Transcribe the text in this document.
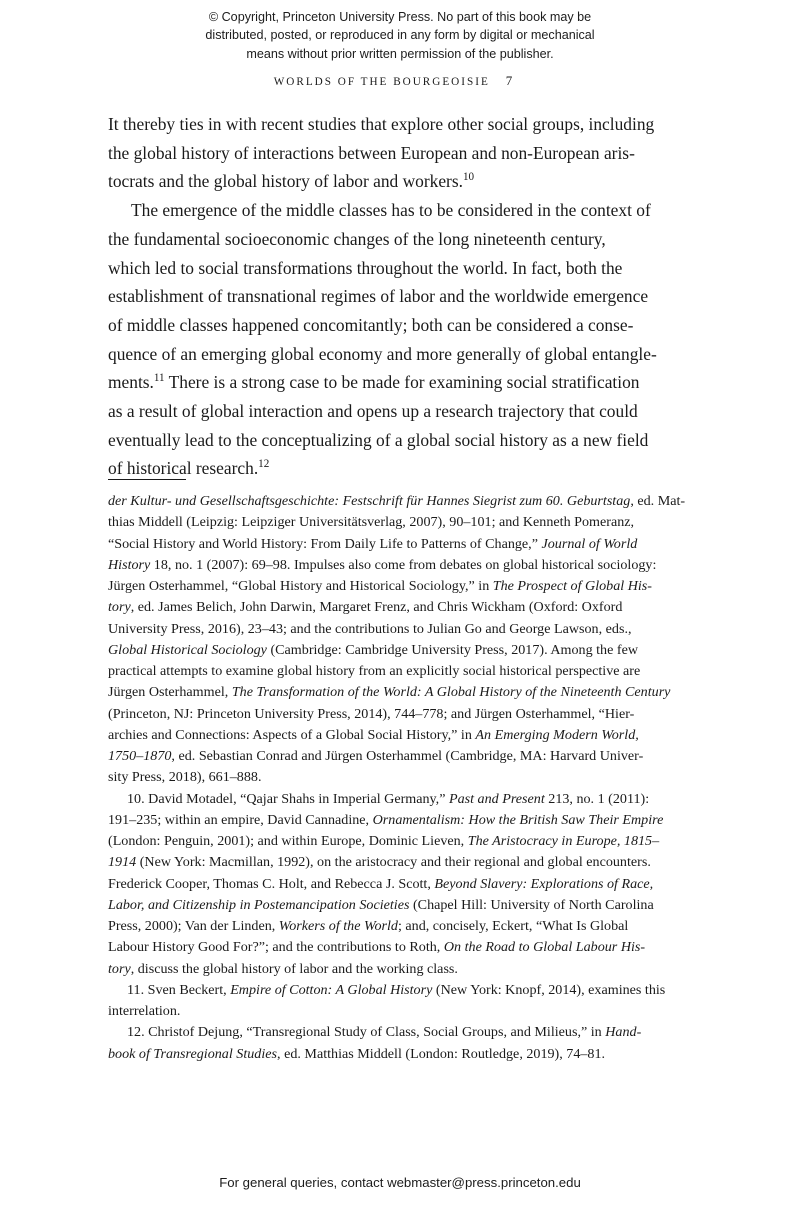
© Copyright, Princeton University Press. No part of this book may be
distributed, posted, or reproduced in any form by digital or mechanical
means without prior written permission of the publisher.
WORLDS OF THE BOURGEOISIE 7

It thereby ties in with recent studies that explore other social groups, including
the global history of interactions between European and non-European aris-
tocrats and the global history of labor and workers.$^{10}$

The emergence of the middle classes has to be considered in the context of
the fundamental socioeconomic changes of the long nineteenth century,
which led to social transformations throughout the world. In fact, both the
establishment of transnational regimes of labor and the worldwide emergence
of middle classes happened concomitantly; both can be considered a conse-
quence of an emerging global economy and more generally of global entangle-
ments.$^{11}$ There is a strong case to be made for examining social stratification
as a result of global interaction and opens up a research trajectory that could
eventually lead to the conceptualizing of a global social history as a new field
of historical research.$^{12}$

der Kultur- und Gesellschaftsgeschichte: Festschrift für Hannes Siegrist zum 60. Geburtstag, ed. Mat-
thias Middell (Leipzig: Leipziger Universitätsverlag, 2007), 90–101; and Kenneth Pomeranz,
“Social History and World History: From Daily Life to Patterns of Change,” Journal of World
History 18, no. 1 (2007): 69–98. Impulses also come from debates on global historical sociology:
Jürgen Osterhammel, “Global History and Historical Sociology,” in The Prospect of Global His-
tory, ed. James Belich, John Darwin, Margaret Frenz, and Chris Wickham (Oxford: Oxford
University Press, 2016), 23–43; and the contributions to Julian Go and George Lawson, eds.,
Global Historical Sociology (Cambridge: Cambridge University Press, 2017). Among the few
practical attempts to examine global history from an explicitly social historical perspective are
Jürgen Osterhammel, The Transformation of the World: A Global History of the Nineteenth Century
(Princeton, NJ: Princeton University Press, 2014), 744–778; and Jürgen Osterhammel, “Hier-
archies and Connections: Aspects of a Global Social History,” in An Emerging Modern World,
1750–1870, ed. Sebastian Conrad and Jürgen Osterhammel (Cambridge, MA: Harvard Univer-
sity Press, 2018), 661–888.

10. David Motadel, “Qajar Shahs in Imperial Germany,” Past and Present 213, no. 1 (2011):
191–235; within an empire, David Cannadine, Ornamentalism: How the British Saw Their Empire
(London: Penguin, 2001); and within Europe, Dominic Lieven, The Aristocracy in Europe, 1815–
1914 (New York: Macmillan, 1992), on the aristocracy and their regional and global encounters.
Frederick Cooper, Thomas C. Holt, and Rebecca J. Scott, Beyond Slavery: Explorations of Race,
Labor, and Citizenship in Postemancipation Societies (Chapel Hill: University of North Carolina
Press, 2000); Van der Linden, Workers of the World; and, concisely, Eckert, “What Is Global
Labour History Good For?”; and the contributions to Roth, On the Road to Global Labour His-
tory, discuss the global history of labor and the working class.

11. Sven Beckert, Empire of Cotton: A Global History (New York: Knopf, 2014), examines this
interrelation.

12. Christof Dejung, “Transregional Study of Class, Social Groups, and Milieus,” in Hand-
book of Transregional Studies, ed. Matthias Middell (London: Routledge, 2019), 74–81.

For general queries, contact webmaster@press.princeton.edu
